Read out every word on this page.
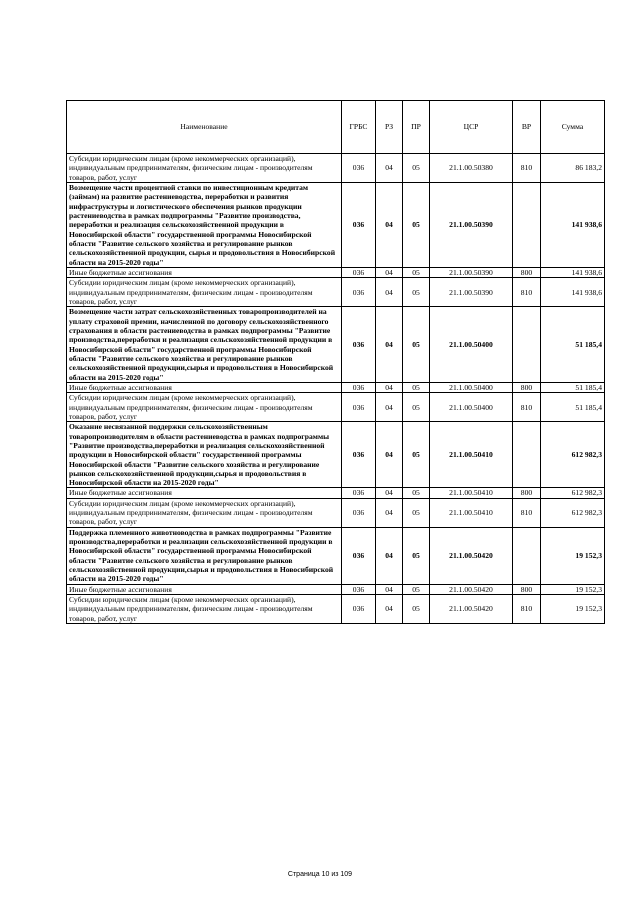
Наименование	ГРБС	РЗ	ПР	ЦСР	ВР	Сумма
Субсидии юридическим лицам (кроме некоммерческих организаций), индивидуальным предпринимателям, физическим лицам - производителям товаров, работ, услуг	036	04	05	21.1.00.50380	810	86 183,2
Возмещение части процентной ставки по инвестиционным кредитам (займам) на развитие растениеводства, переработки и развития инфраструктуры и логистического обеспечения рынков продукции растениеводства в рамках подпрограммы "Развитие производства, переработки и реализация сельскохозяйственной продукции в Новосибирской области" государственной программы Новосибирской области "Развитие сельского хозяйства и регулирование рынков сельскохозяйственной продукции, сырья и продовольствия в Новосибирской области на 2015-2020 годы"	036	04	05	21.1.00.50390		141 938,6
Иные бюджетные ассигнования	036	04	05	21.1.00.50390	800	141 938,6
Субсидии юридическим лицам (кроме некоммерческих организаций), индивидуальным предпринимателям, физическим лицам - производителям товаров, работ, услуг	036	04	05	21.1.00.50390	810	141 938,6
Возмещение части затрат сельскохозяйственных товаропроизводителей на уплату страховой премии, начисленной по договору сельскохозяйственного страхования в области растениеводства в рамках подпрограммы "Развитие производства,переработки и реализация сельскохозяйственной продукции в Новосибирской области" государственной программы Новосибирской области "Развитие сельского хозяйства и регулирование рынков сельскохозяйственной продукции,сырья и продовольствия в Новосибирской области на 2015-2020 годы"	036	04	05	21.1.00.50400		51 185,4
Иные бюджетные ассигнования	036	04	05	21.1.00.50400	800	51 185,4
Субсидии юридическим лицам (кроме некоммерческих организаций), индивидуальным предпринимателям, физическим лицам - производителям товаров, работ, услуг	036	04	05	21.1.00.50400	810	51 185,4
Оказание несвязанной поддержки сельскохозяйственным товаропроизводителям в области растениеводства в рамках подпрограммы "Развитие производства,переработки и реализация сельскохозяйственной продукции в Новосибирской области" государственной программы Новосибирской области "Развитие сельского хозяйства и регулирование рынков сельскохозяйственной продукции,сырья и продовольствия в Новосибирской области на 2015-2020 годы"	036	04	05	21.1.00.50410		612 982,3
Иные бюджетные ассигнования	036	04	05	21.1.00.50410	800	612 982,3
Субсидии юридическим лицам (кроме некоммерческих организаций), индивидуальным предпринимателям, физическим лицам - производителям товаров, работ, услуг	036	04	05	21.1.00.50410	810	612 982,3
Поддержка племенного животноводства в рамках подпрограммы "Развитие производства,переработки и реализации сельскохозяйственной продукции в Новосибирской области" государственной программы Новосибирской области "Развитие сельского хозяйства и регулирование рынков сельскохозяйственной продукции,сырья и продовольствия в Новосибирской области на 2015-2020 годы"	036	04	05	21.1.00.50420		19 152,3
Иные бюджетные ассигнования	036	04	05	21.1.00.50420	800	19 152,3
Субсидии юридическим лицам (кроме некоммерческих организаций), индивидуальным предпринимателям, физическим лицам - производителям товаров, работ, услуг	036	04	05	21.1.00.50420	810	19 152,3
Страница 10 из 109
